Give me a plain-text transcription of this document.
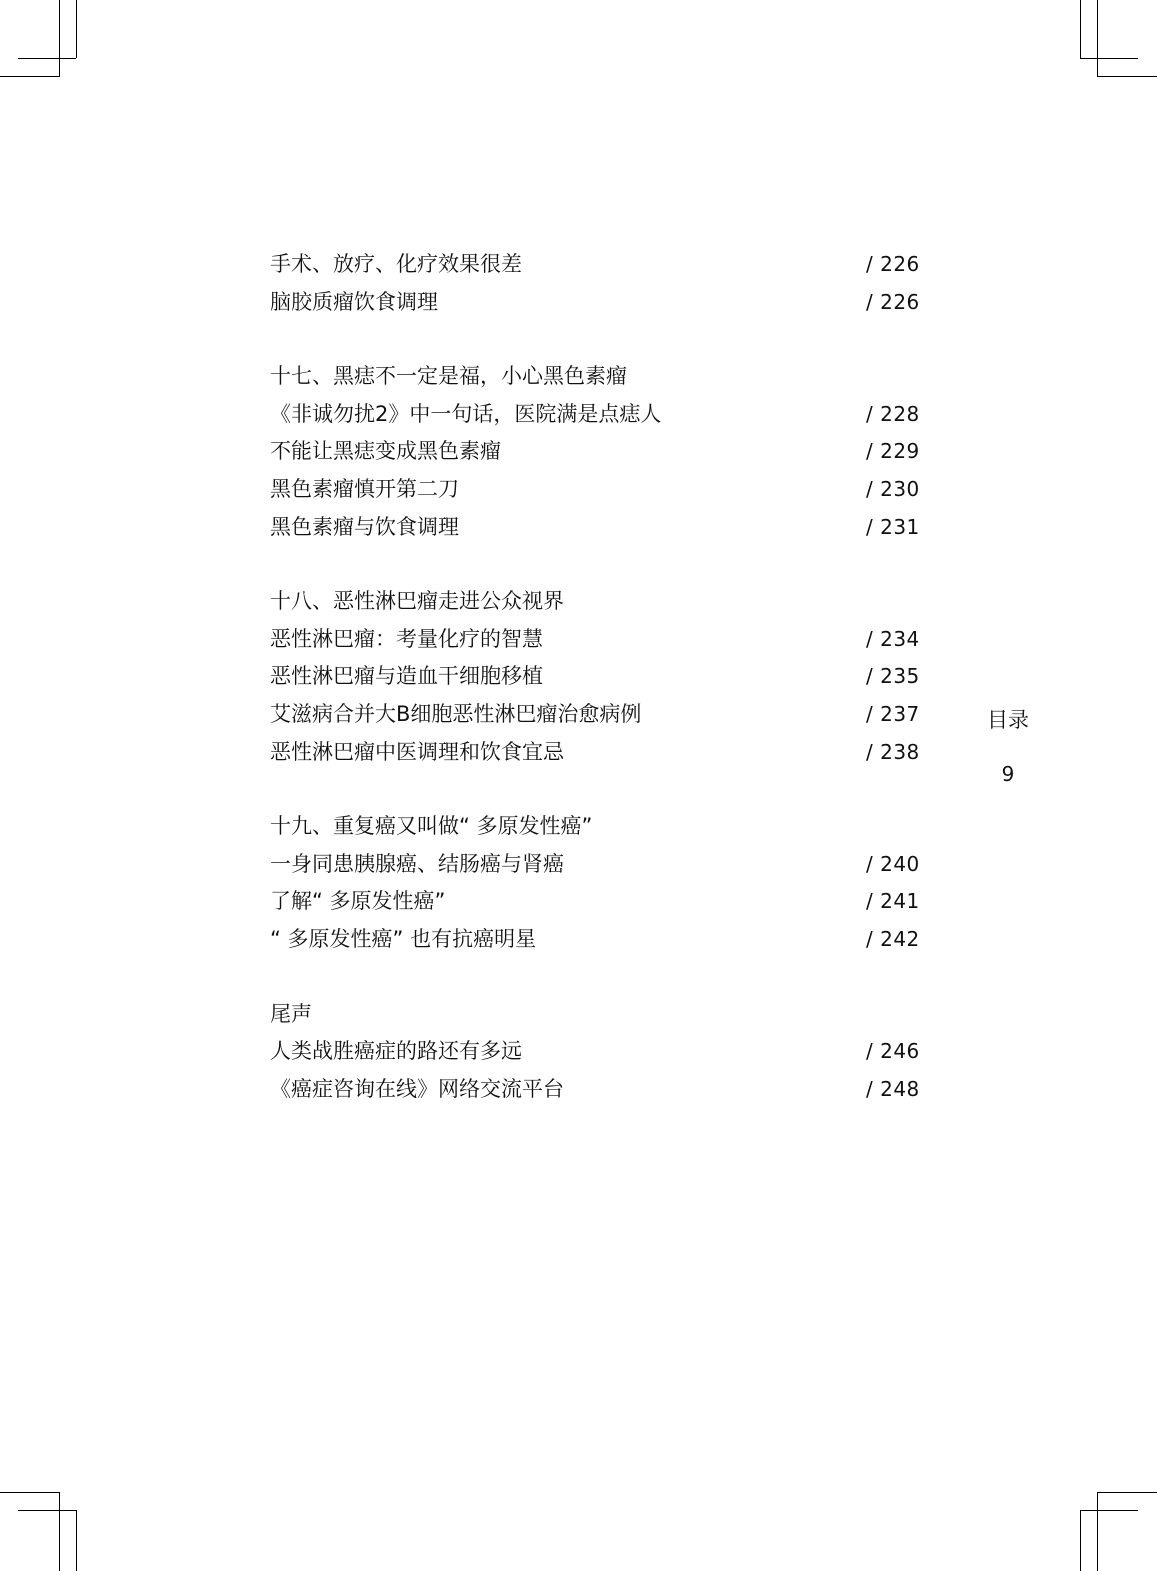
手术、放疗、化疗效果很差	/ 226
脑胶质瘤饮食调理	/ 226
十七、黑痣不一定是福，小心黑色素瘤
《非诚勿扰2》中一句话，医院满是点痣人	/ 228
不能让黑痣变成黑色素瘤	/ 229
黑色素瘤慎开第二刀	/ 230
黑色素瘤与饮食调理	/ 231
十八、恶性淋巴瘤走进公众视界
恶性淋巴瘤：考量化疗的智慧	/ 234
恶性淋巴瘤与造血干细胞移植	/ 235
艾滋病合并大B细胞恶性淋巴瘤治愈病例	/ 237
恶性淋巴瘤中医调理和饮食宜忌	/ 238
十九、重复癌又叫做“ 多原发性癌”
一身同患胰腺癌、结肠癌与肾癌	/ 240
了解“ 多原发性癌”	/ 241
“ 多原发性癌” 也有抗癌明星	/ 242
尾声
人类战胜癌症的路还有多远	/ 246
《癌症咨询在线》网络交流平台	/ 248
目录
9
